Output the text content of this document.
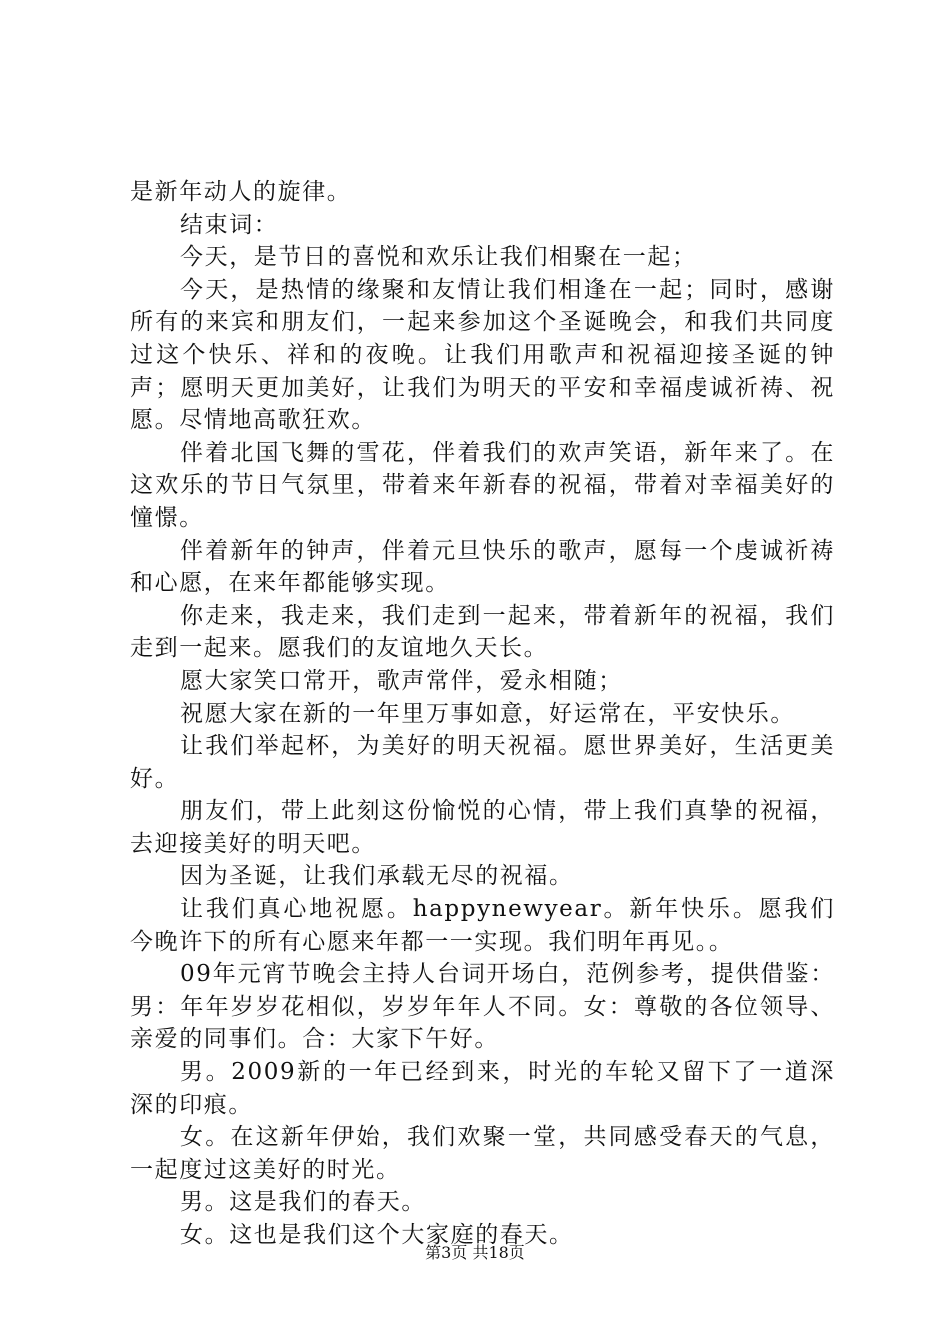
是新年动人的旋律。

结束词：

今天，是节日的喜悦和欢乐让我们相聚在一起；

今天，是热情的缘聚和友情让我们相逢在一起；同时，感谢所有的来宾和朋友们，一起来参加这个圣诞晚会，和我们共同度过这个快乐、祥和的夜晚。让我们用歌声和祝福迎接圣诞的钟声；愿明天更加美好，让我们为明天的平安和幸福虔诚祈祷、祝愿。尽情地高歌狂欢。

伴着北国飞舞的雪花，伴着我们的欢声笑语，新年来了。在这欢乐的节日气氛里，带着来年新春的祝福，带着对幸福美好的憧憬。

伴着新年的钟声，伴着元旦快乐的歌声，愿每一个虔诚祈祷和心愿，在来年都能够实现。

你走来，我走来，我们走到一起来，带着新年的祝福，我们走到一起来。愿我们的友谊地久天长。

愿大家笑口常开，歌声常伴，爱永相随；

祝愿大家在新的一年里万事如意，好运常在，平安快乐。

让我们举起杯，为美好的明天祝福。愿世界美好，生活更美好。

朋友们，带上此刻这份愉悦的心情，带上我们真挚的祝福，去迎接美好的明天吧。

因为圣诞，让我们承载无尽的祝福。

让我们真心地祝愿。happynewyear。新年快乐。愿我们今晚许下的所有心愿来年都一一实现。我们明年再见。。

09年元宵节晚会主持人台词开场白，范例参考，提供借鉴：男：年年岁岁花相似，岁岁年年人不同。女：尊敬的各位领导、亲爱的同事们。合：大家下午好。

男。2009新的一年已经到来，时光的车轮又留下了一道深深的印痕。

女。在这新年伊始，我们欢聚一堂，共同感受春天的气息，一起度过这美好的时光。

男。这是我们的春天。

女。这也是我们这个大家庭的春天。

第3页 共18页
